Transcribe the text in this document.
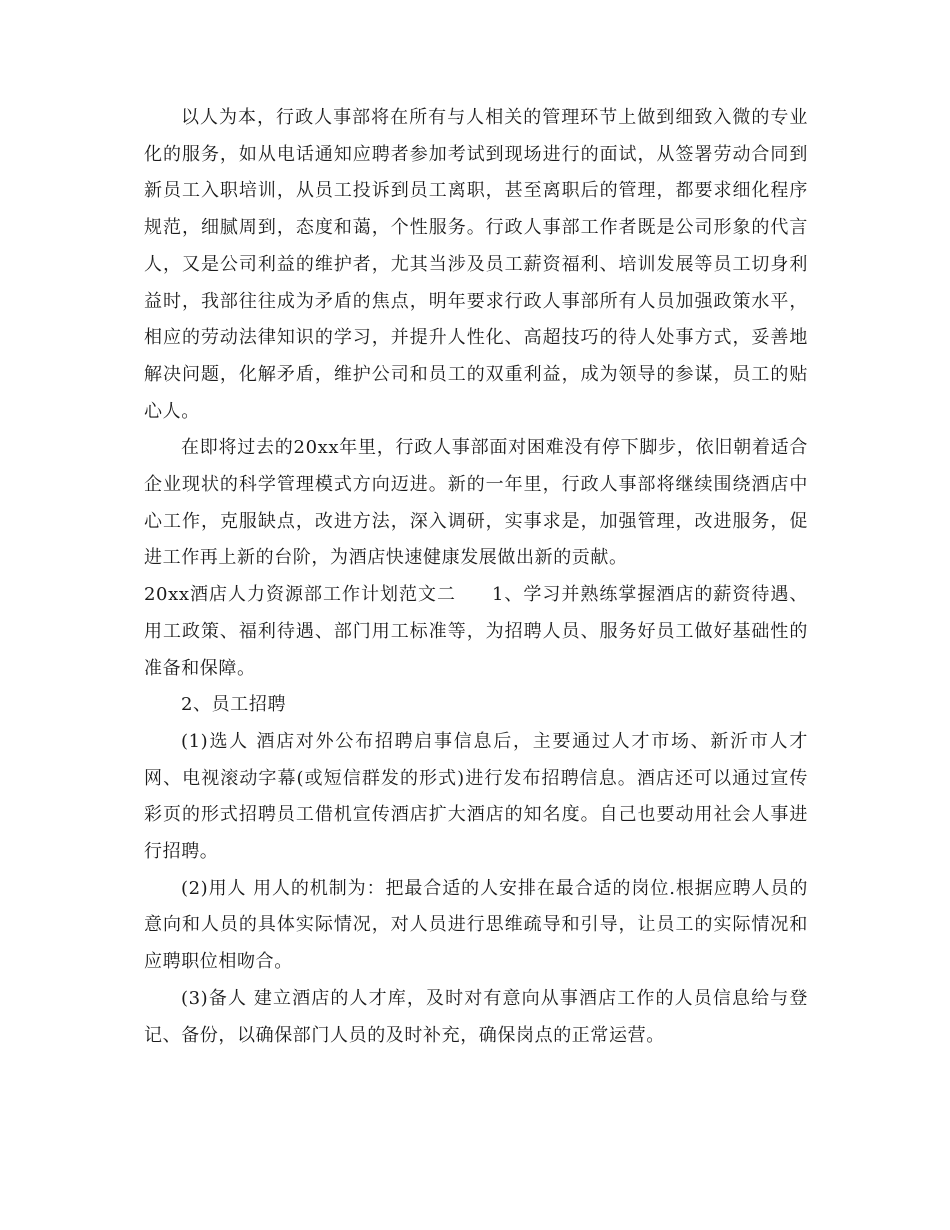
以人为本，行政人事部将在所有与人相关的管理环节上做到细致入微的专业化的服务，如从电话通知应聘者参加考试到现场进行的面试，从签署劳动合同到新员工入职培训，从员工投诉到员工离职，甚至离职后的管理，都要求细化程序规范，细腻周到，态度和蔼，个性服务。行政人事部工作者既是公司形象的代言人，又是公司利益的维护者，尤其当涉及员工薪资福利、培训发展等员工切身利益时，我部往往成为矛盾的焦点，明年要求行政人事部所有人员加强政策水平，相应的劳动法律知识的学习，并提升人性化、高超技巧的待人处事方式，妥善地解决问题，化解矛盾，维护公司和员工的双重利益，成为领导的参谋，员工的贴心人。

在即将过去的20xx年里，行政人事部面对困难没有停下脚步，依旧朝着适合企业现状的科学管理模式方向迈进。新的一年里，行政人事部将继续围绕酒店中心工作，克服缺点，改进方法，深入调研，实事求是，加强管理，改进服务，促进工作再上新的台阶，为酒店快速健康发展做出新的贡献。

20xx酒店人力资源部工作计划范文二 1、学习并熟练掌握酒店的薪资待遇、用工政策、福利待遇、部门用工标准等，为招聘人员、服务好员工做好基础性的准备和保障。

2、员工招聘

(1)选人 酒店对外公布招聘启事信息后，主要通过人才市场、新沂市人才网、电视滚动字幕(或短信群发的形式)进行发布招聘信息。酒店还可以通过宣传彩页的形式招聘员工借机宣传酒店扩大酒店的知名度。自己也要动用社会人事进行招聘。

(2)用人 用人的机制为：把最合适的人安排在最合适的岗位.根据应聘人员的意向和人员的具体实际情况，对人员进行思维疏导和引导，让员工的实际情况和应聘职位相吻合。

(3)备人 建立酒店的人才库，及时对有意向从事酒店工作的人员信息给与登记、备份，以确保部门人员的及时补充，确保岗点的正常运营。
